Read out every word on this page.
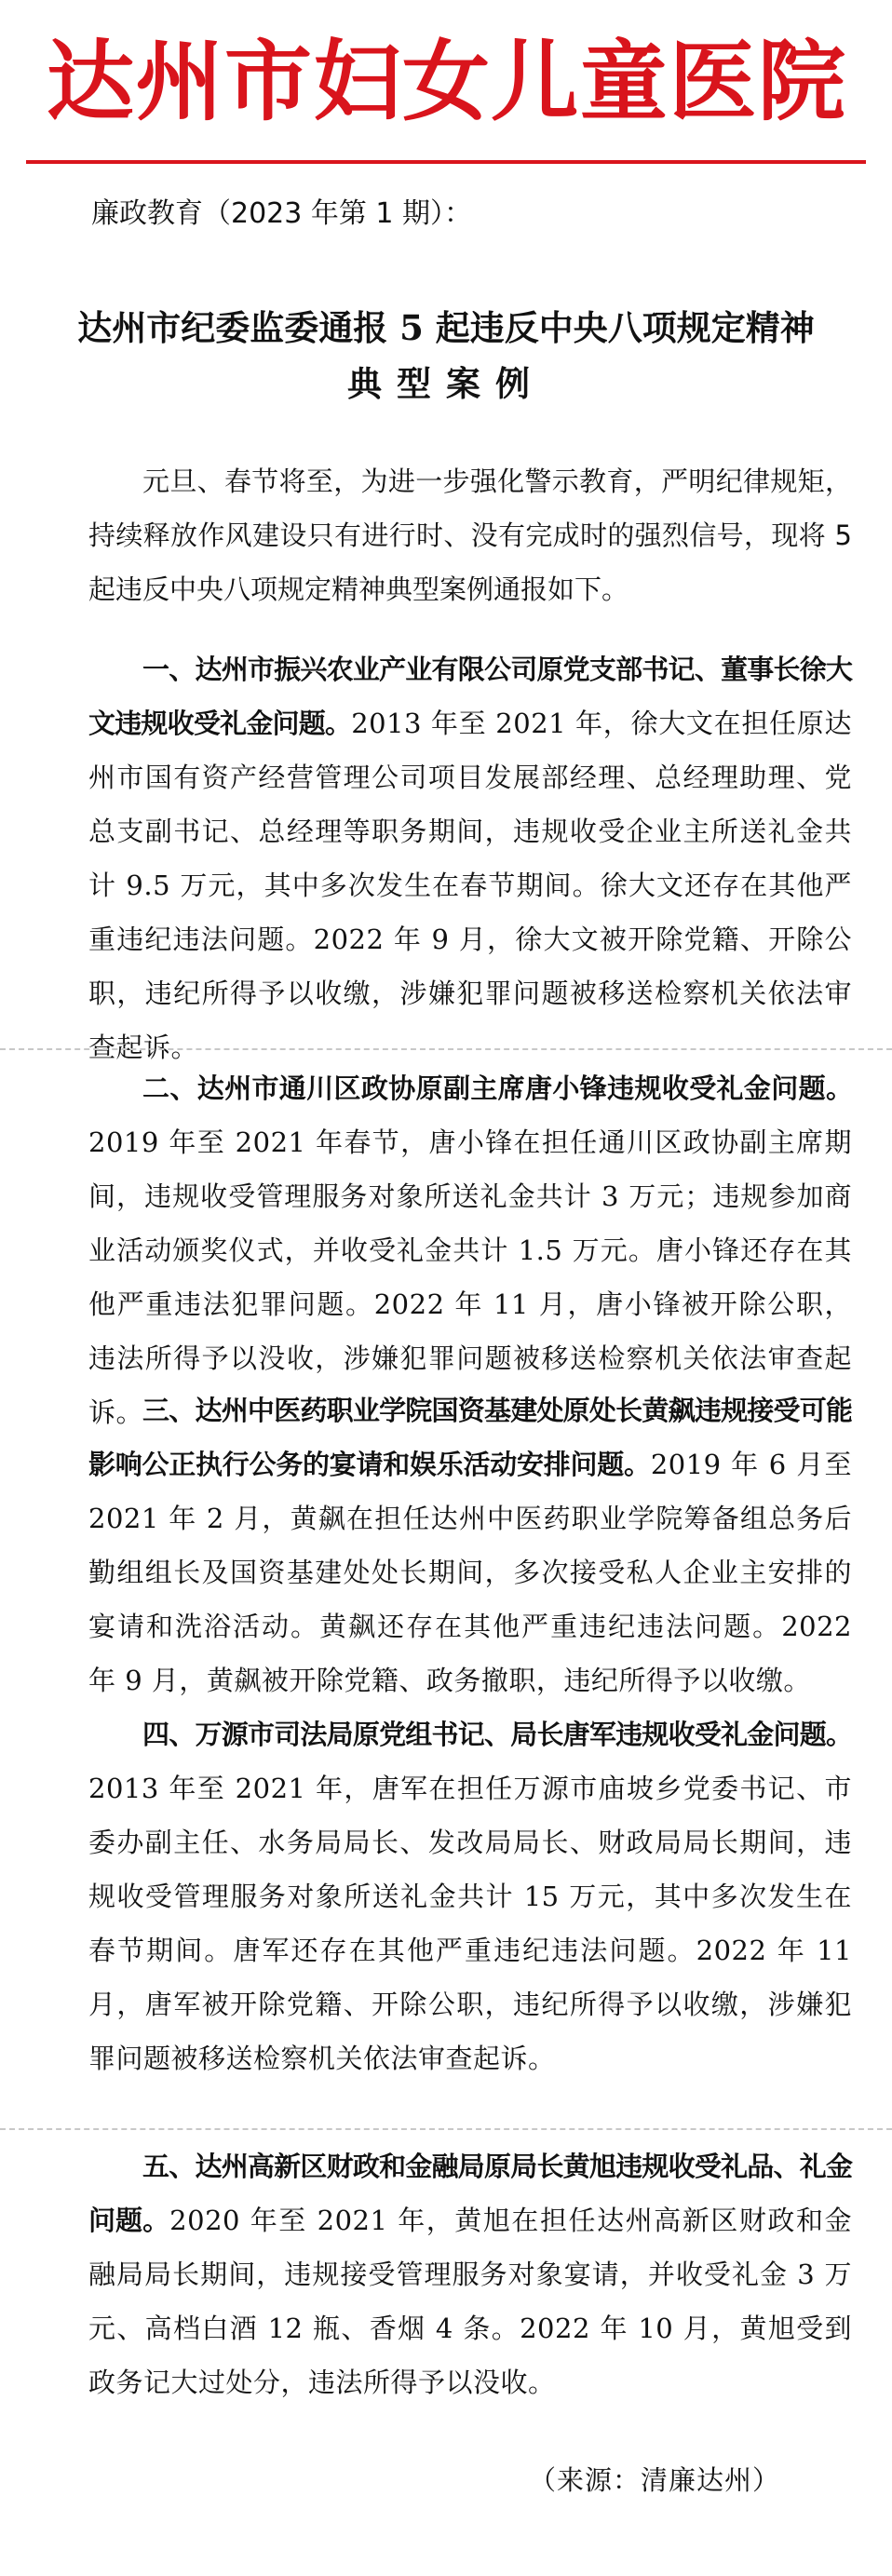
达 州 市 妇 女 儿 童 医 院
廉政教育（2023 年第 1 期）：
达州市纪委监委通报 5 起违反中央八项规定精神
典型案例

元旦、春节将至，为进一步强化警示教育，严明纪律规矩，持续释放作风建设只有进行时、没有完成时的强烈信号，现将 5 起违反中央八项规定精神典型案例通报如下。

一、达州市振兴农业产业有限公司原党支部书记、董事长徐大文违规收受礼金问题。2013 年至 2021 年，徐大文在担任原达州市国有资产经营管理公司项目发展部经理、总经理助理、党总支副书记、总经理等职务期间，违规收受企业主所送礼金共计 9.5 万元，其中多次发生在春节期间。徐大文还存在其他严重违纪违法问题。2022 年 9 月，徐大文被开除党籍、开除公职，违纪所得予以收缴，涉嫌犯罪问题被移送检察机关依法审查起诉。

二、达州市通川区政协原副主席唐小锋违规收受礼金问题。2019 年至 2021 年春节，唐小锋在担任通川区政协副主席期间，违规收受管理服务对象所送礼金共计 3 万元；违规参加商业活动颁奖仪式，并收受礼金共计 1.5 万元。唐小锋还存在其他严重违法犯罪问题。2022 年 11 月，唐小锋被开除公职，违法所得予以没收，涉嫌犯罪问题被移送检察机关依法审查起诉。

三、达州中医药职业学院国资基建处原处长黄飙违规接受可能影响公正执行公务的宴请和娱乐活动安排问题。2019 年 6 月至 2021 年 2 月，黄飙在担任达州中医药职业学院筹备组总务后勤组组长及国资基建处处长期间，多次接受私人企业主安排的宴请和洗浴活动。黄飙还存在其他严重违纪违法问题。2022 年 9 月，黄飙被开除党籍、政务撤职，违纪所得予以收缴。

四、万源市司法局原党组书记、局长唐军违规收受礼金问题。2013 年至 2021 年，唐军在担任万源市庙坡乡党委书记、市委办副主任、水务局局长、发改局局长、财政局局长期间，违规收受管理服务对象所送礼金共计 15 万元，其中多次发生在春节期间。唐军还存在其他严重违纪违法问题。2022 年 11 月，唐军被开除党籍、开除公职，违纪所得予以收缴，涉嫌犯罪问题被移送检察机关依法审查起诉。

五、达州高新区财政和金融局原局长黄旭违规收受礼品、礼金问题。2020 年至 2021 年，黄旭在担任达州高新区财政和金融局局长期间，违规接受管理服务对象宴请，并收受礼金 3 万元、高档白酒 12 瓶、香烟 4 条。2022 年 10 月，黄旭受到政务记大过处分，违法所得予以没收。

（来源：清廉达州）
